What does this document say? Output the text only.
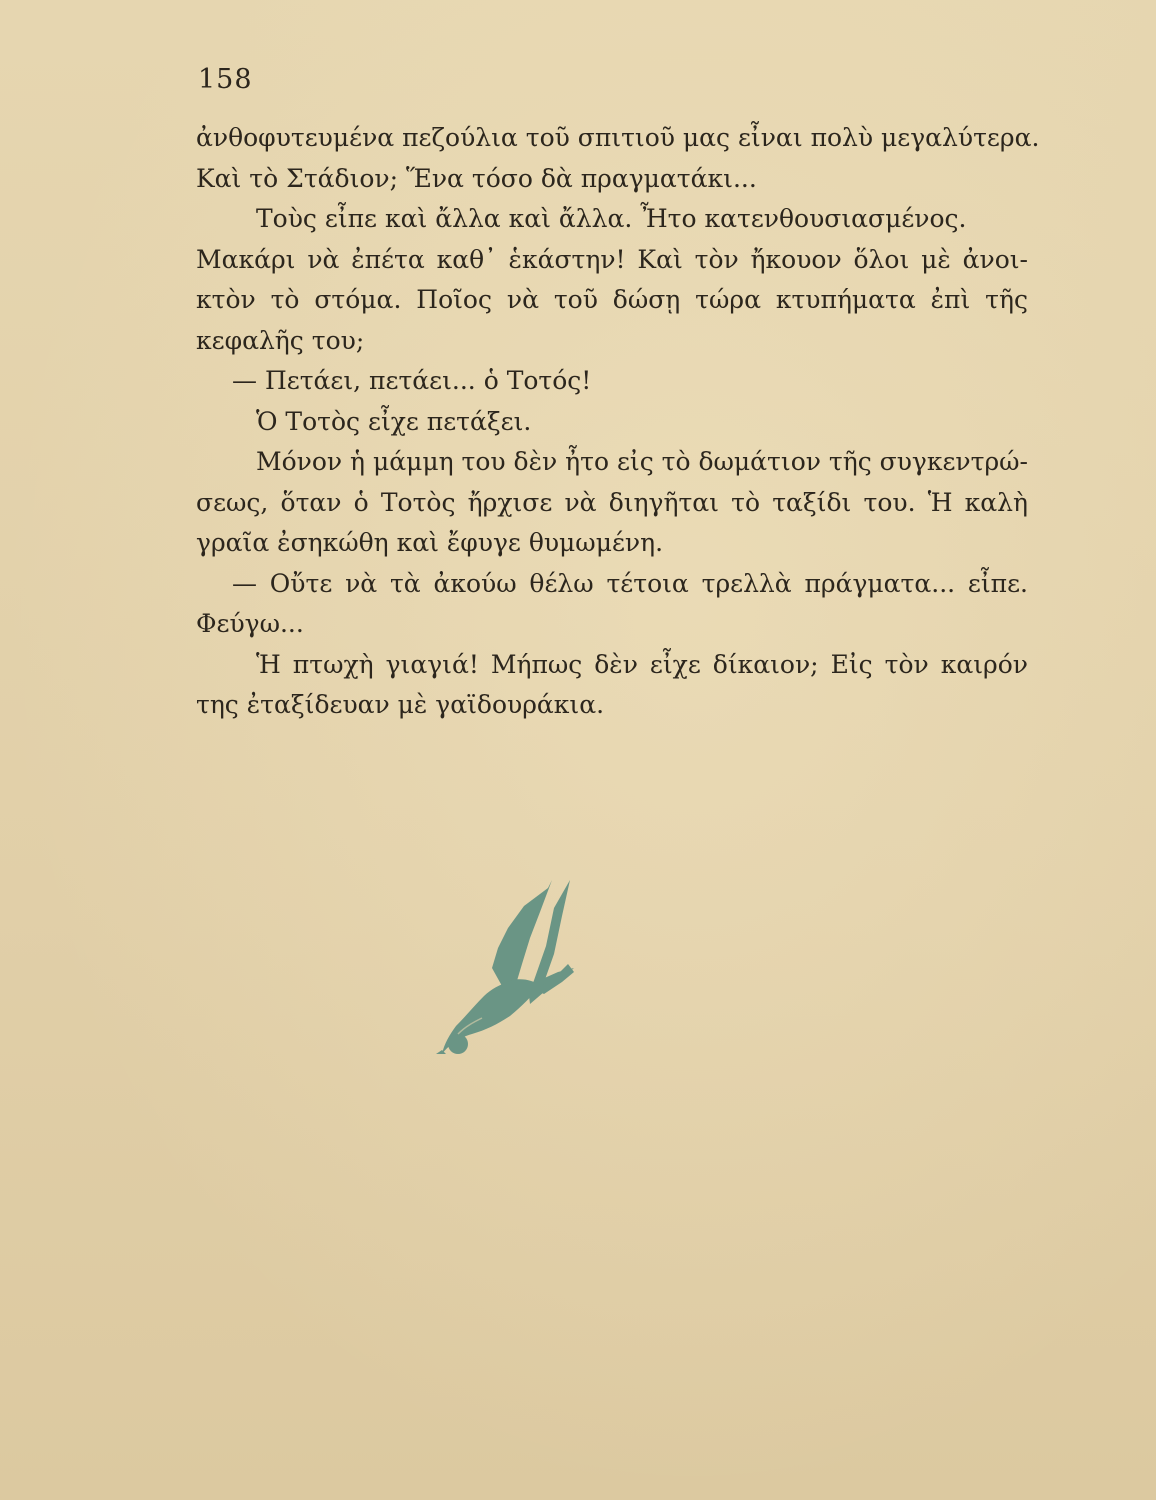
158
ἀνθοφυτευμένα πεζούλια τοῦ σπιτιοῦ μας εἶναι πολὺ μεγαλύτερα.
Καὶ τὸ Στάδιον; Ἕνα τόσο δὰ πραγματάκι...
Τοὺς εἶπε καὶ ἄλλα καὶ ἄλλα. Ἦτο κατενθουσιασμένος.
Μακάρι νὰ ἐπέτα καθ᾽ ἑκάστην! Καὶ τὸν ἤκουον ὅλοι μὲ ἀνοι-
κτὸν τὸ στόμα. Ποῖος νὰ τοῦ δώσῃ τώρα κτυπήματα ἐπὶ τῆς
κεφαλῆς του;
— Πετάει, πετάει... ὁ Τοτός!
Ὁ Τοτὸς εἶχε πετάξει.
Μόνον ἡ μάμμη του δὲν ἦτο εἰς τὸ δωμάτιον τῆς συγκεντρώ-
σεως, ὅταν ὁ Τοτὸς ἤρχισε νὰ διηγῆται τὸ ταξίδι του. Ἡ καλὴ
γραῖα ἐσηκώθη καὶ ἔφυγε θυμωμένη.
— Οὔτε νὰ τὰ ἀκούω θέλω τέτοια τρελλὰ πράγματα... εἶπε.
Φεύγω...
Ἡ πτωχὴ γιαγιά! Μήπως δὲν εἶχε δίκαιον; Εἰς τὸν καιρόν
της ἐταξίδευαν μὲ γαϊδουράκια.
